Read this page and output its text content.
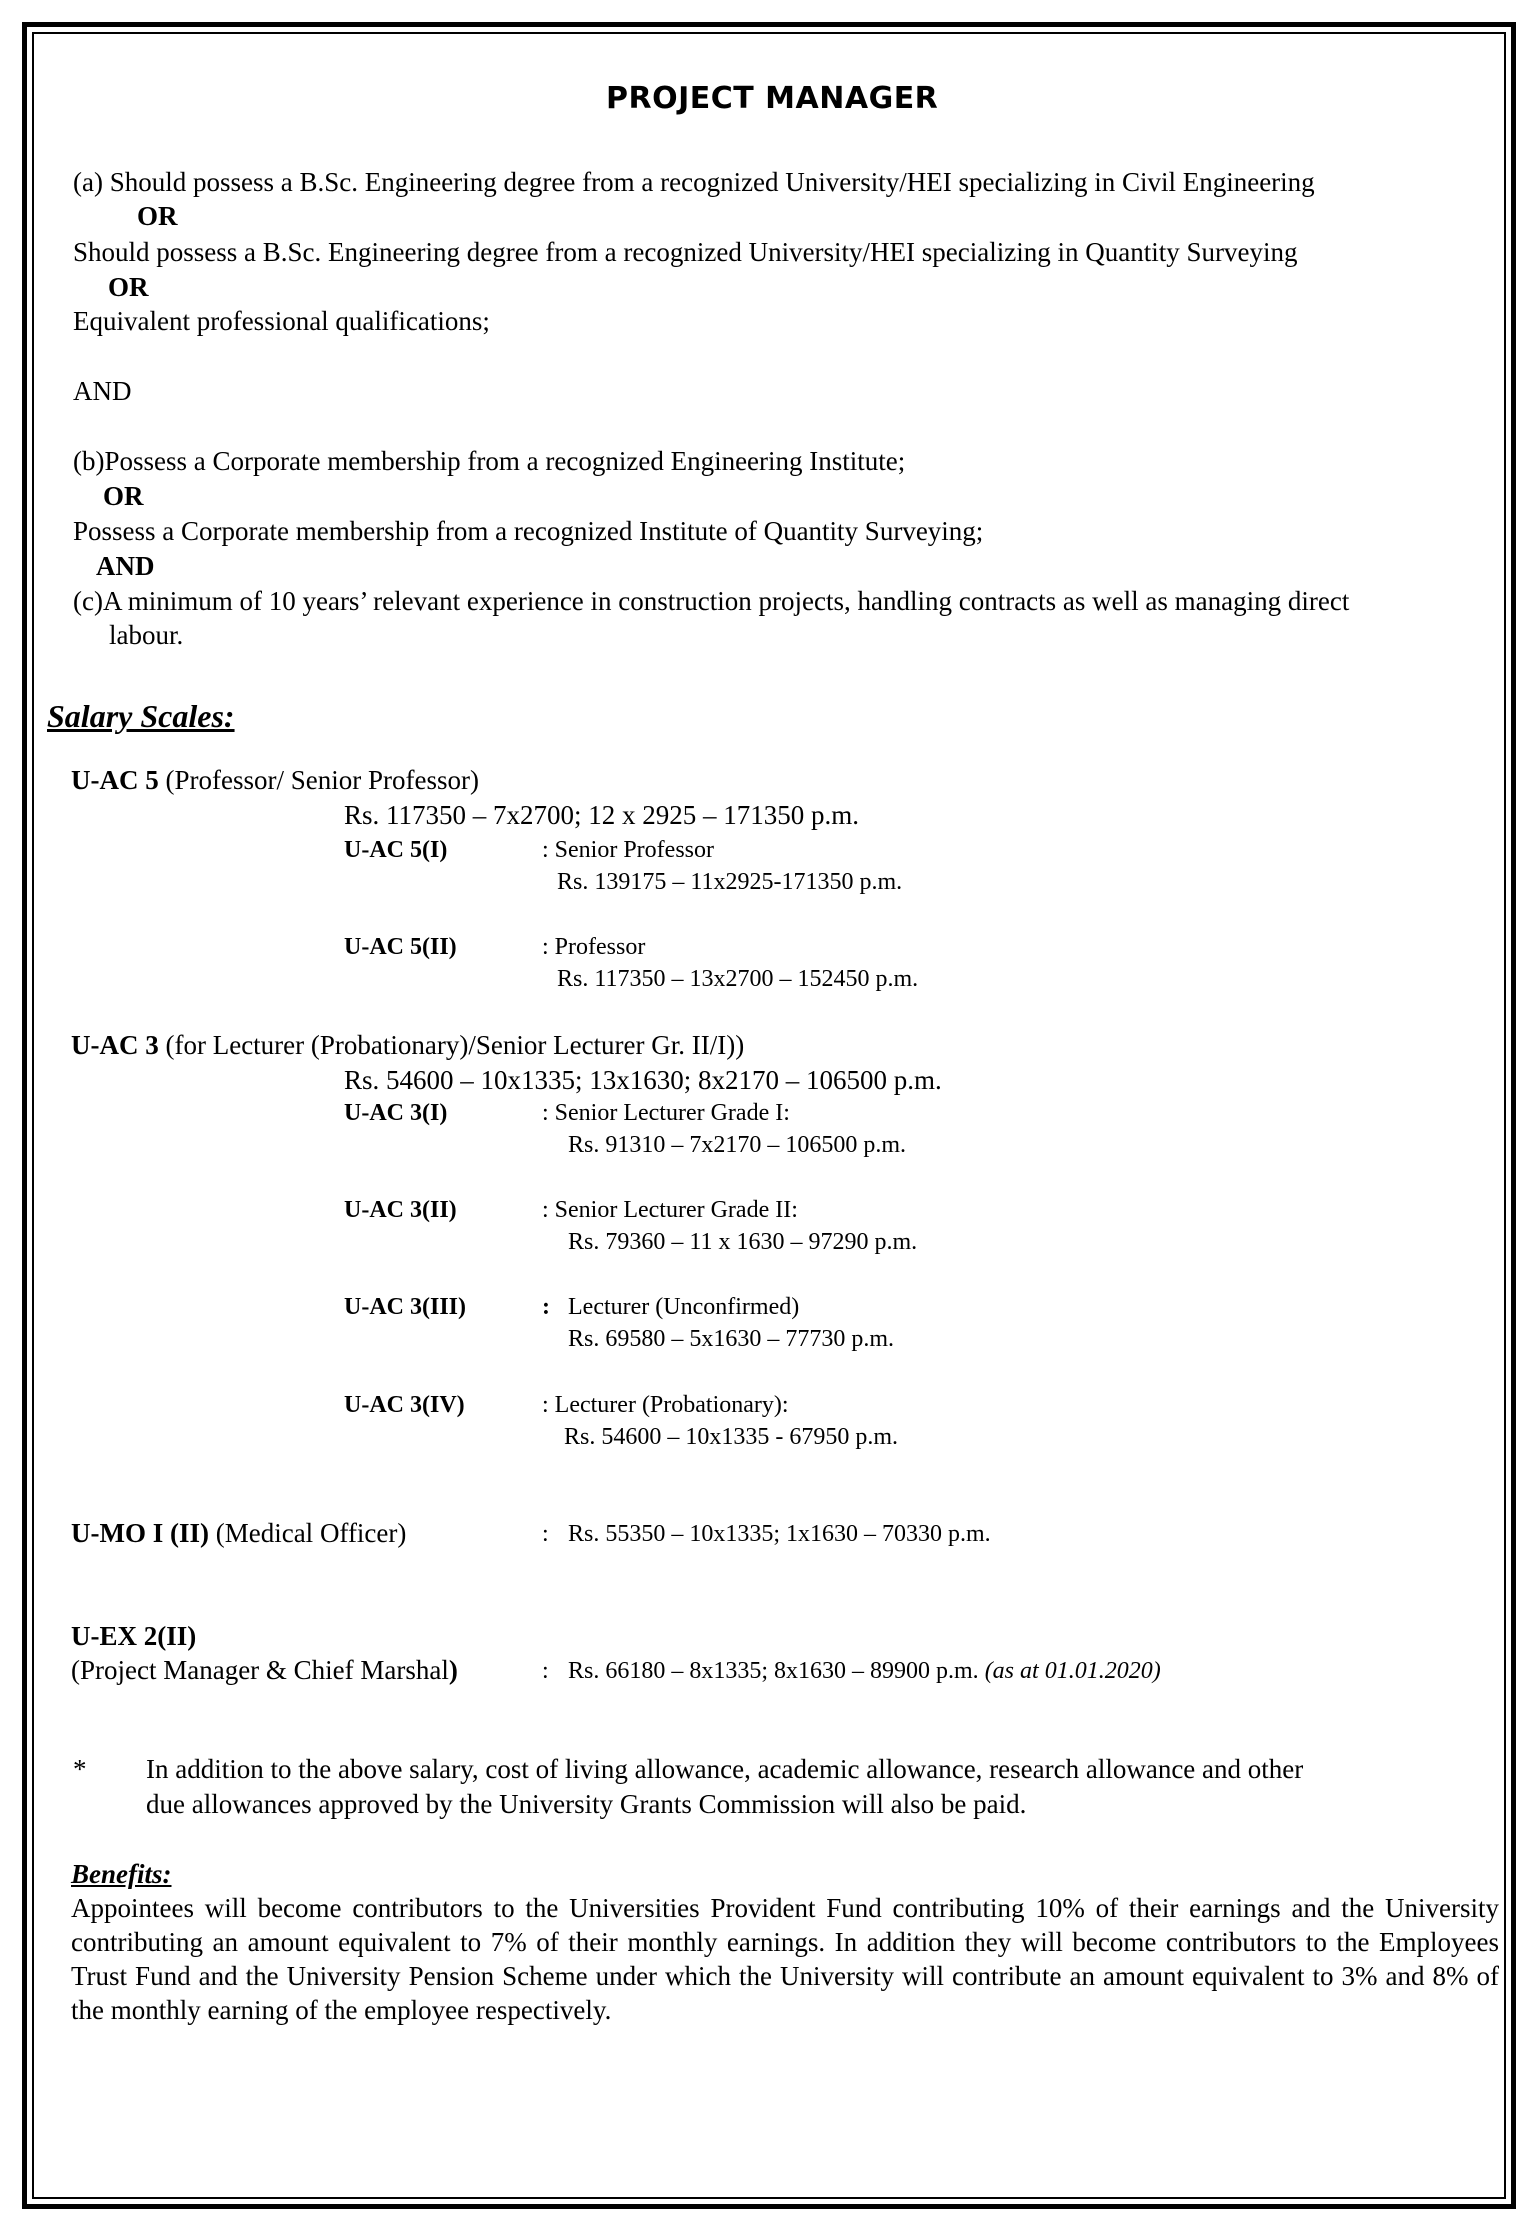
PROJECT MANAGER
(a) Should possess a B.Sc. Engineering degree from a recognized University/HEI specializing in Civil Engineering
OR
Should possess a B.Sc. Engineering degree from a recognized University/HEI specializing in Quantity Surveying
OR
Equivalent professional qualifications;
AND
(b)Possess a Corporate membership from a recognized Engineering Institute;
OR
Possess a Corporate membership from a recognized Institute of Quantity Surveying;
AND
(c)A minimum of 10 years’ relevant experience in construction projects, handling contracts as well as managing direct
labour.
Salary Scales:
U-AC 5 (Professor/ Senior Professor)
Rs. 117350 – 7x2700; 12 x 2925 – 171350 p.m.
U-AC 5(I)	: Senior Professor
Rs. 139175 – 11x2925-171350 p.m.
U-AC 5(II)	: Professor
Rs. 117350 – 13x2700 – 152450 p.m.
U-AC 3 (for Lecturer (Probationary)/Senior Lecturer Gr. II/I))
Rs. 54600 – 10x1335; 13x1630; 8x2170 – 106500 p.m.
U-AC 3(I)	: Senior Lecturer Grade I:
Rs. 91310 – 7x2170 – 106500 p.m.
U-AC 3(II)	: Senior Lecturer Grade II:
Rs. 79360 – 11 x 1630 – 97290 p.m.
U-AC 3(III)	: Lecturer (Unconfirmed)
Rs. 69580 – 5x1630 – 77730 p.m.
U-AC 3(IV)	: Lecturer (Probationary):
Rs. 54600 – 10x1335 - 67950 p.m.
U-MO I (II) (Medical Officer)	: Rs. 55350 – 10x1335; 1x1630 – 70330 p.m.
U-EX 2(II)
(Project Manager & Chief Marshal)	: Rs. 66180 – 8x1335; 8x1630 – 89900 p.m. (as at 01.01.2020)
* In addition to the above salary, cost of living allowance, academic allowance, research allowance and other
due allowances approved by the University Grants Commission will also be paid.
Benefits:
Appointees will become contributors to the Universities Provident Fund contributing 10% of their earnings and the University contributing an amount equivalent to 7% of their monthly earnings. In addition they will become contributors to the Employees Trust Fund and the University Pension Scheme under which the University will contribute an amount equivalent to 3% and 8% of the monthly earning of the employee respectively.
